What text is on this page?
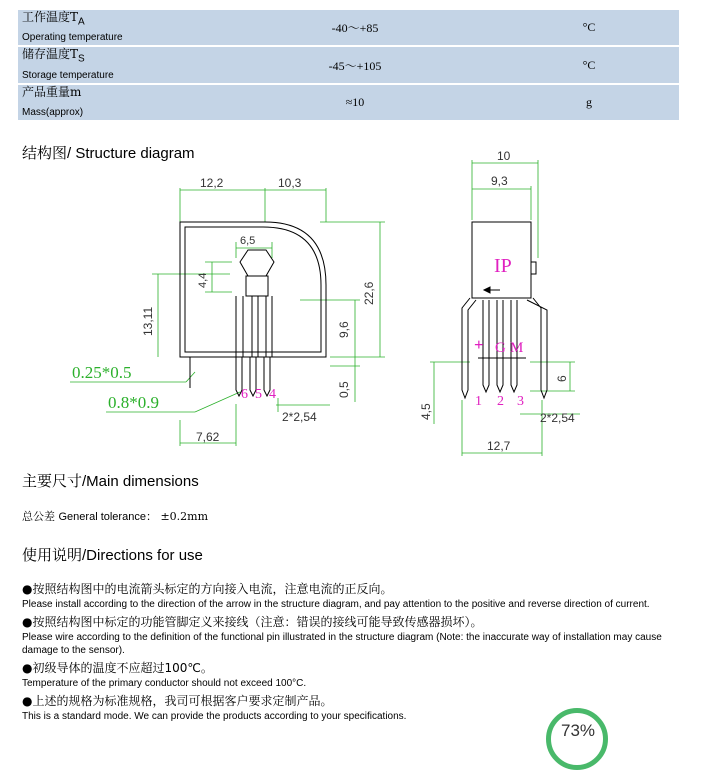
工作温度$T_A$
Operating temperature	-40～+85	°C
储存温度$T_S$
Storage temperature	-45～+105	°C
产品重量m
Mass(approx)	≈10	g
结构图/ Structure diagram
12,2	10,3
6,5
4,4
22,6
13,11	9,6
0,5
7,62
2*2,54
0.25*0.5
0.8*0.9	6 5 4
10
9,3
6
4,5
12,7
2*2,54
IP
+ G M
1 2 3
主要尺寸/Main dimensions
总公差 General tolerance： ±0.2mm
使用说明/Directions for use
●按照结构图中的电流箭头标定的方向接入电流，注意电流的正反向。
Please install according to the direction of the arrow in the structure diagram, and pay attention to the positive and reverse direction of current.
●按照结构图中标定的功能管脚定义来接线（注意：错误的接线可能导致传感器损坏）。
Please wire according to the definition of the functional pin illustrated in the structure diagram (Note: the inaccurate way of installation may cause damage to the sensor).
●初级导体的温度不应超过100℃。
Temperature of the primary conductor should not exceed 100°C.
●上述的规格为标准规格，我司可根据客户要求定制产品。
This is a standard mode. We can provide the products according to your specifications.
73%
